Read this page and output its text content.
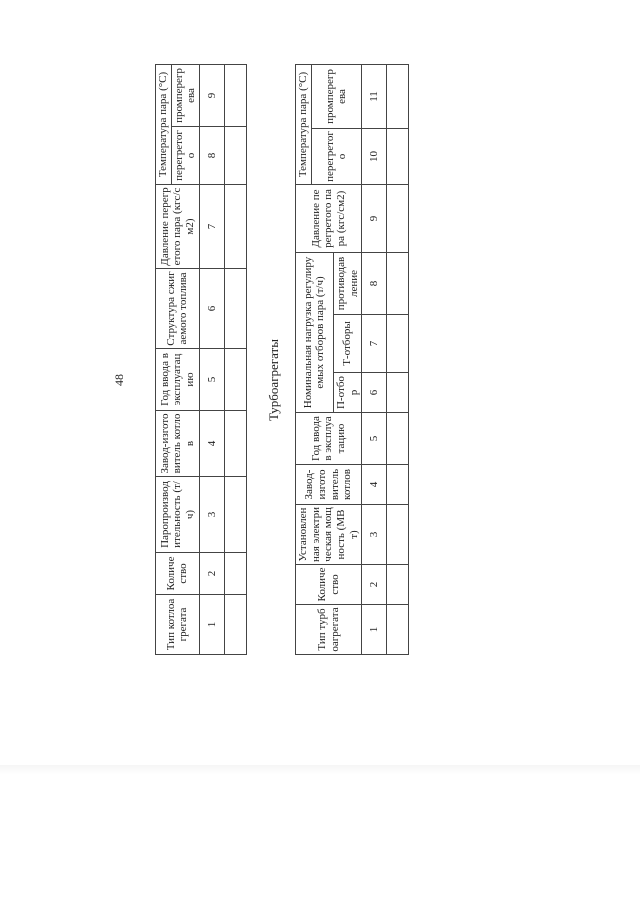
48
Тип котлоагрегата	Количество	Паропроизводительность (т/ч)	Завод-изготовитель котлов	Год ввода в эксплуатацию	Структура сжигаемого топлива	Давление перегретого пара (кгс/см2)	Температура пара (°С)	
							перегретого	промперегрева
1	2	3	4	5	6	7	8	9

Турбоагрегаты
Тип турбоагрегата	Количество	Установленная электрическая мощность (МВт)	Завод-изготовитель котлов	Год ввода в эксплуатацию	Номинальная нагрузка регулируемых отборов пара (т/ч)			Давление перегретого пара (кгс/см2)	Температура пара (°С)	
									перегретого	промперегрева
					П-отбор	Т-отборы	противодавление			
1	2	3	4	5	6	7	8	9	10	11
